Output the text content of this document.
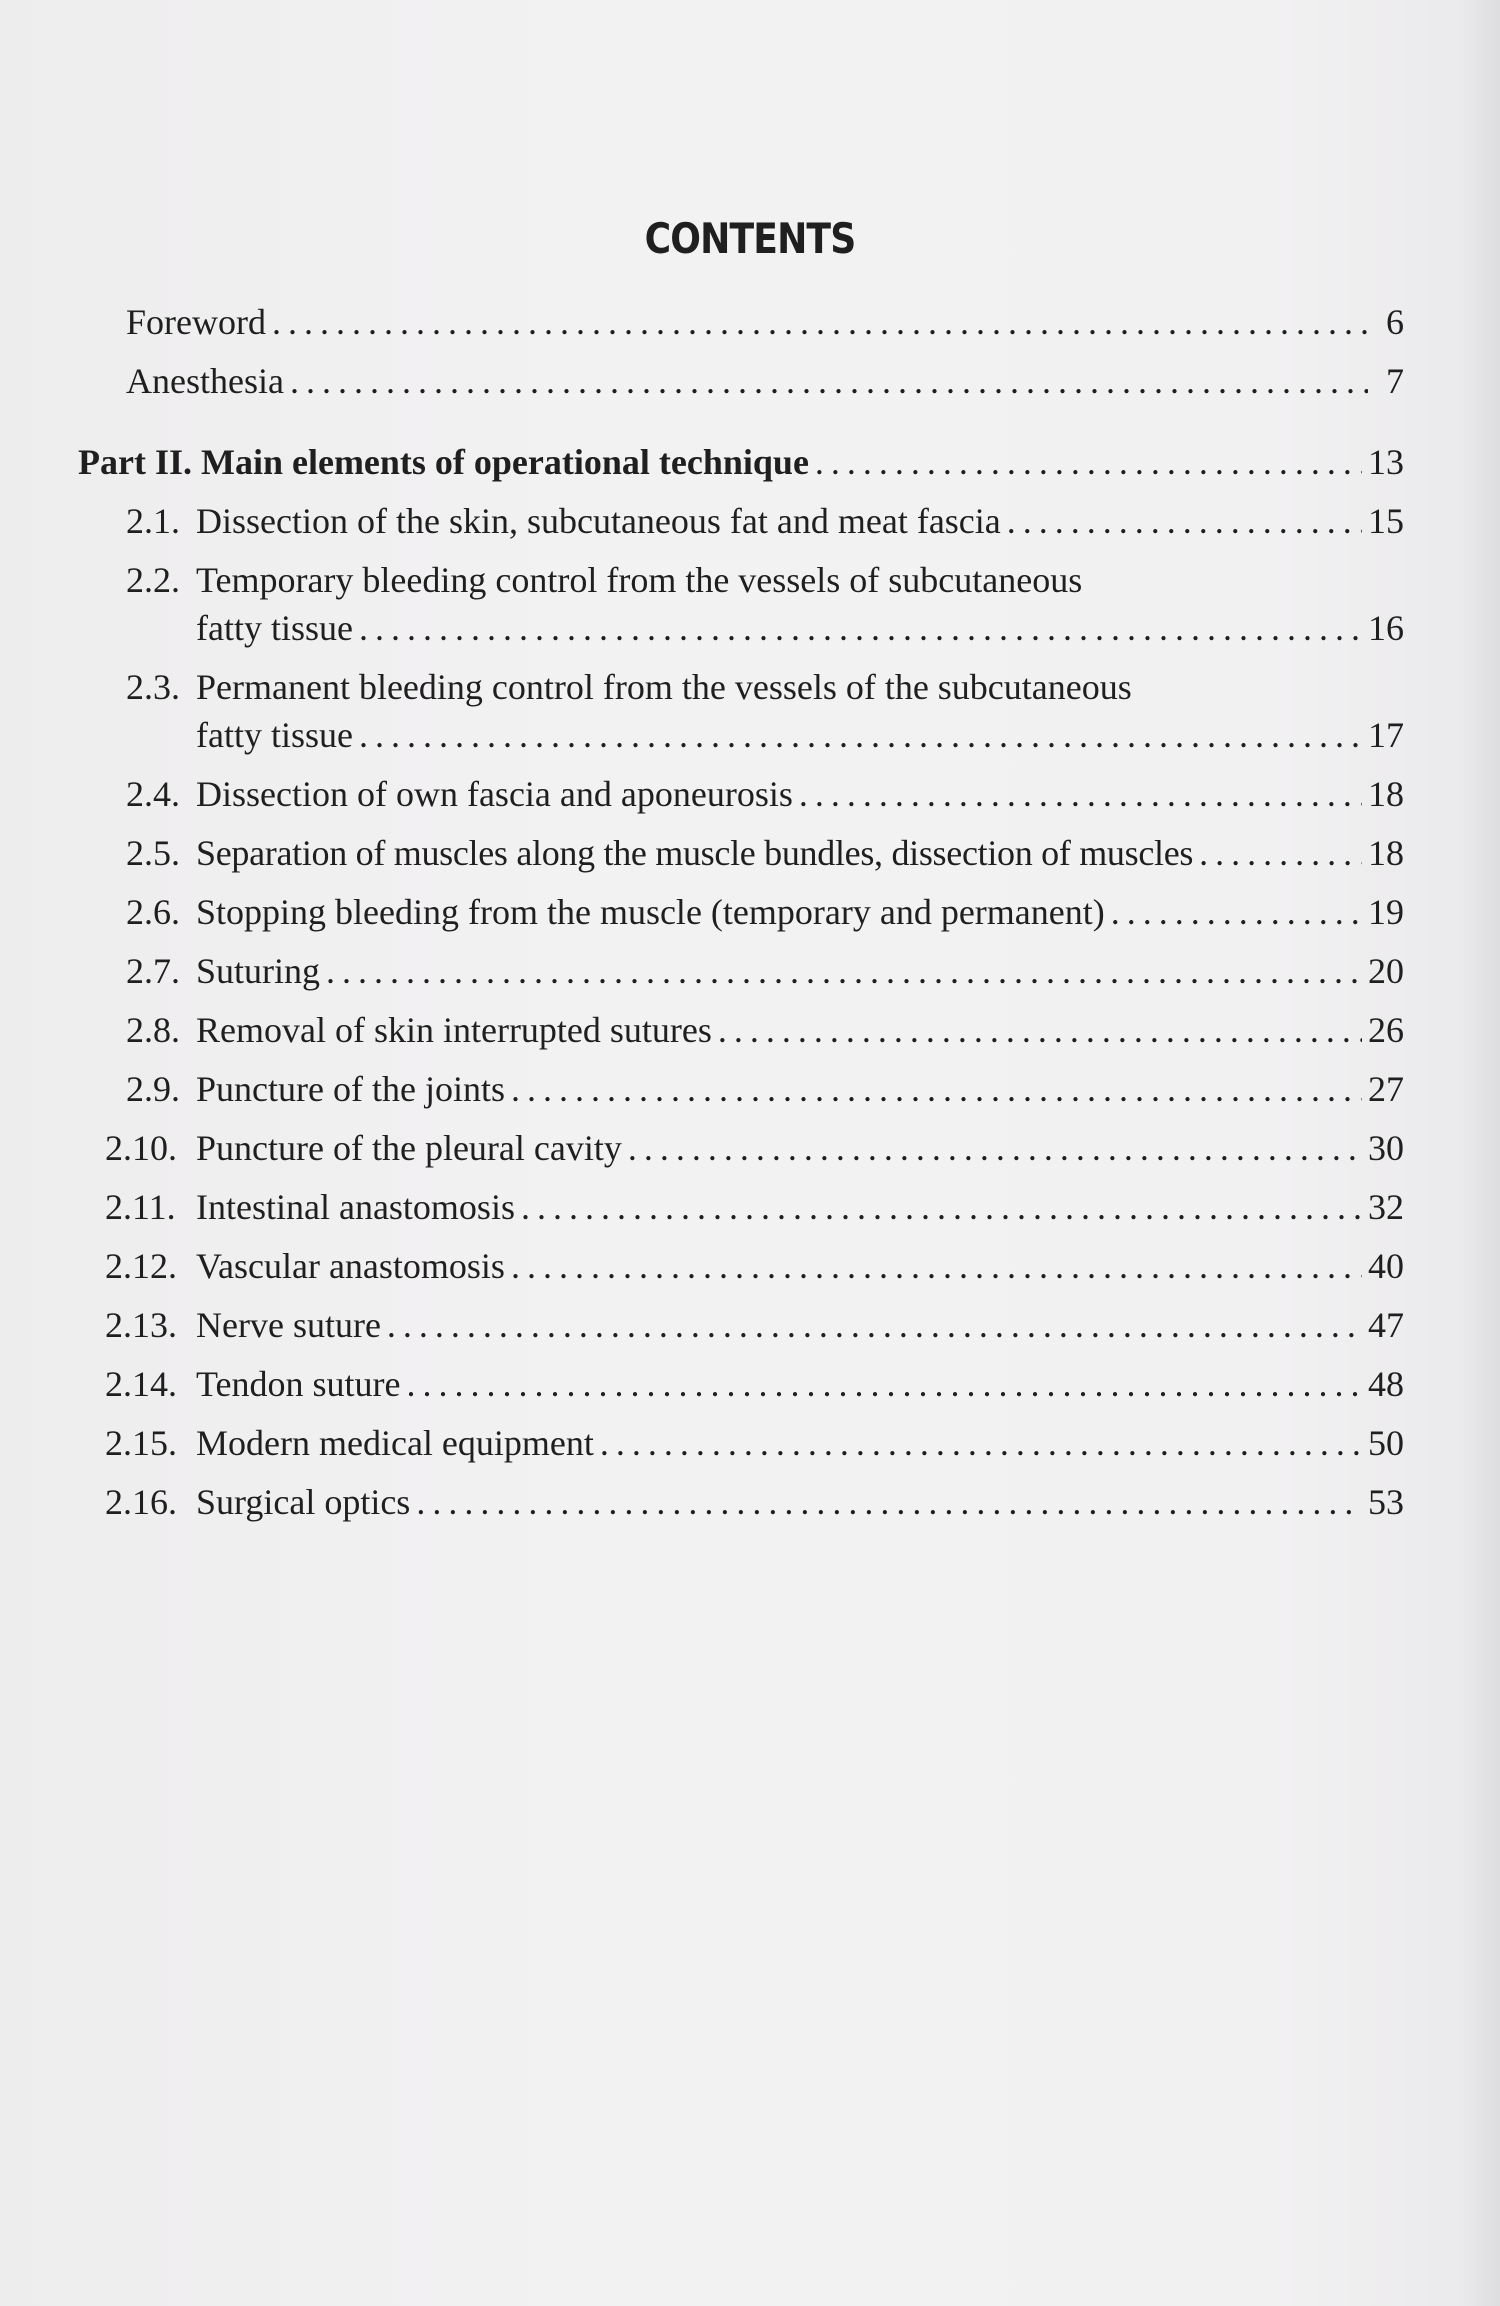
CONTENTS
Foreword . . .	6
Anesthesia . . .	7
Part II. Main elements of operational technique . . .	13
2.1. Dissection of the skin, subcutaneous fat and meat fascia . . .	15
2.2. Temporary bleeding control from the vessels of subcutaneous
fatty tissue . . .	16
2.3. Permanent bleeding control from the vessels of the subcutaneous
fatty tissue . . .	17
2.4. Dissection of own fascia and aponeurosis . . .	18
2.5. Separation of muscles along the muscle bundles, dissection of muscles . . .	18
2.6. Stopping bleeding from the muscle (temporary and permanent) . . .	19
2.7. Suturing . . .	20
2.8. Removal of skin interrupted sutures . . .	26
2.9. Puncture of the joints . . .	27
2.10. Puncture of the pleural cavity . . .	30
2.11. Intestinal anastomosis . . .	32
2.12. Vascular anastomosis . . .	40
2.13. Nerve suture . . .	47
2.14. Tendon suture . . .	48
2.15. Modern medical equipment . . .	50
2.16. Surgical optics . . .	53
